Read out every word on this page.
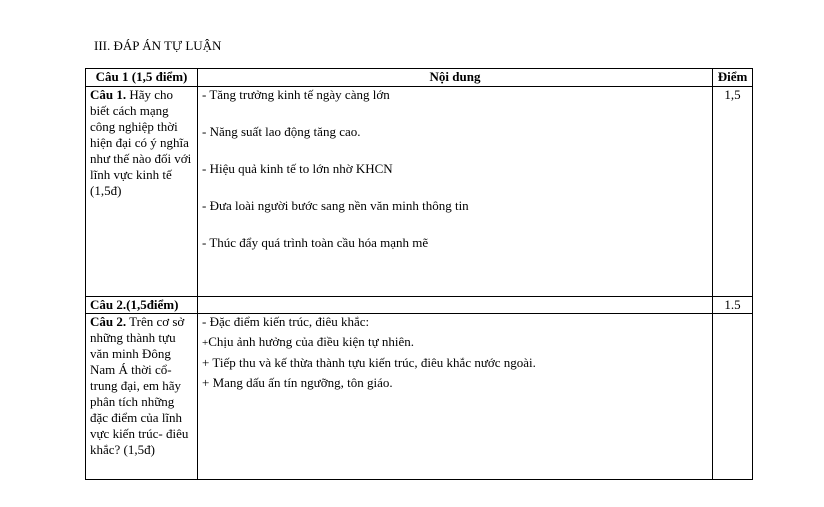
III. ĐÁP ÁN TỰ LUẬN
Câu 1 (1,5 điểm)	Nội dung	Điểm
Câu 1. Hãy cho biết cách mạng công nghiệp thời hiện đại có ý nghĩa như thế nào đối với lĩnh vực kinh tế (1,5đ)	- Tăng trưởng kinh tế ngày càng lớn
- Năng suất lao động tăng cao.
- Hiệu quả kinh tế to lớn nhờ KHCN
- Đưa loài người bước sang nền văn minh thông tin
- Thúc đẩy quá trình toàn cầu hóa mạnh mẽ	1,5
Câu 2.(1,5điểm)		1.5
Câu 2. Trên cơ sở những thành tựu văn minh Đông Nam Á thời cổ- trung đại, em hãy phân tích những đặc điểm của lĩnh vực kiến trúc- điêu khắc? (1,5đ)	- Đặc điểm kiến trúc, điêu khắc:
+Chịu ảnh hưởng của điều kiện tự nhiên.
+ Tiếp thu và kế thừa thành tựu kiến trúc, điêu khắc nước ngoài.
+ Mang dấu ấn tín ngưỡng, tôn giáo.	
